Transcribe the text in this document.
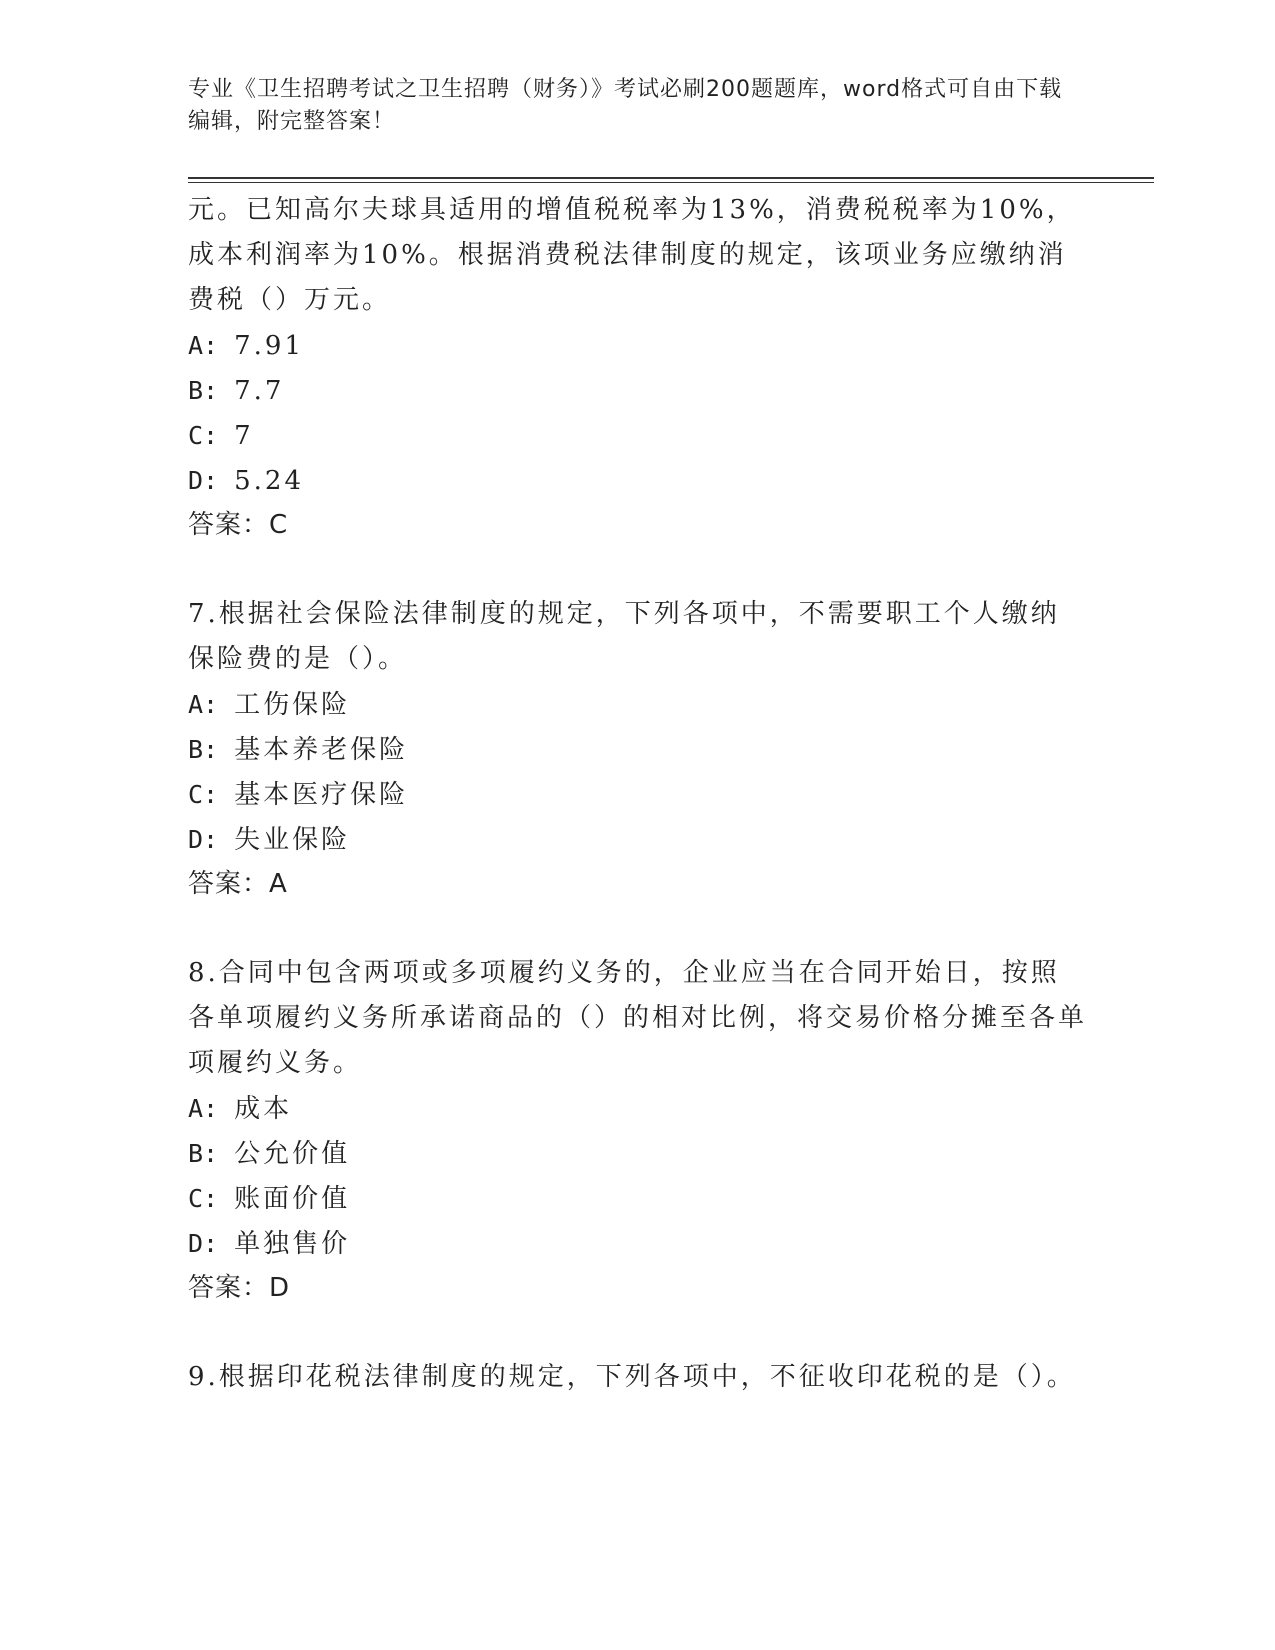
专业《卫生招聘考试之卫生招聘（财务）》考试必刷200题题库，word格式可自由下载编辑，附完整答案！

元。已知高尔夫球具适用的增值税税率为13%，消费税税率为10%，成本利润率为10%。根据消费税法律制度的规定，该项业务应缴纳消费税（）万元。

A: 7.91
B: 7.7
C: 7
D: 5.24
答案：C

7.根据社会保险法律制度的规定，下列各项中，不需要职工个人缴纳保险费的是（）。

A: 工伤保险
B: 基本养老保险
C: 基本医疗保险
D: 失业保险
答案：A

8.合同中包含两项或多项履约义务的，企业应当在合同开始日，按照各单项履约义务所承诺商品的（）的相对比例，将交易价格分摊至各单项履约义务。

A: 成本
B: 公允价值
C: 账面价值
D: 单独售价
答案：D

9.根据印花税法律制度的规定，下列各项中，不征收印花税的是（）。
